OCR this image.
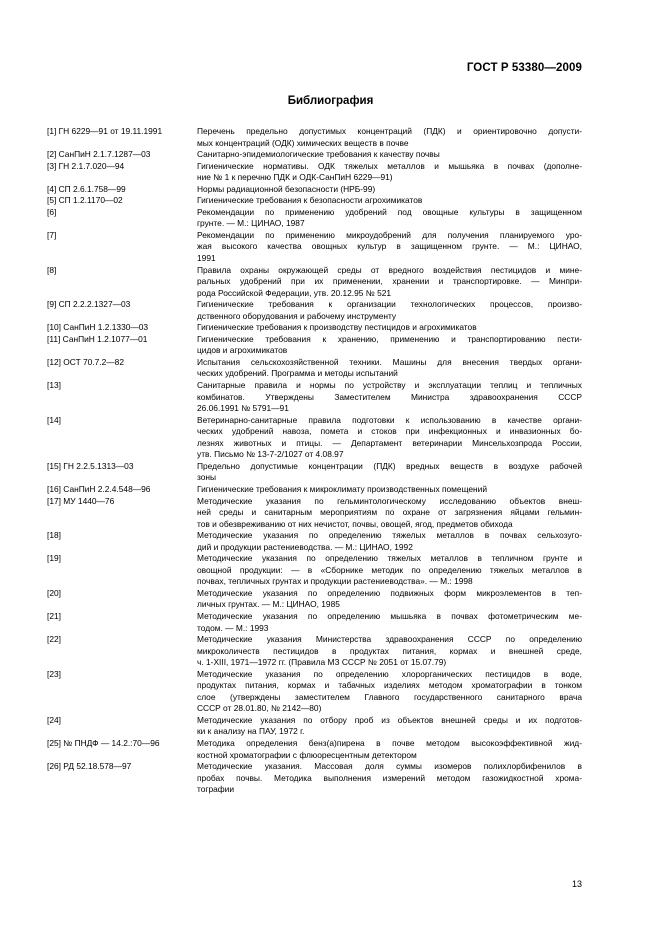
ГОСТ Р 53380—2009
Библиография
[1] ГН 6229—91 от 19.11.1991	Перечень предельно допустимых концентраций (ПДК) и ориентировочно допусти-
мых концентраций (ОДК) химических веществ в почве
[2] СанПиН 2.1.7.1287—03	Санитарно-эпидемиологические требования к качеству почвы
[3] ГН 2.1.7.020—94	Гигиенические нормативы. ОДК тяжелых металлов и мышьяка в почвах (дополне-
ние № 1 к перечню ПДК и ОДК-СанПиН 6229—91)
[4] СП 2.6.1.758—99	Нормы радиационной безопасности (НРБ-99)
[5] СП 1.2.1170—02	Гигиенические требования к безопасности агрохимикатов
[6]	Рекомендации по применению удобрений под овощные культуры в защищенном
грунте. — М.: ЦИНАО, 1987
[7]	Рекомендации по применению микроудобрений для получения планируемого уро-
жая высокого качества овощных культур в защищенном грунте. — М.: ЦИНАО,
1991
[8]	Правила охраны окружающей среды от вредного воздействия пестицидов и мине-
ральных удобрений при их применении, хранении и транспортировке. — Минпри-
рода Российской Федерации, утв. 20.12.95 № 521
[9] СП 2.2.2.1327—03	Гигиенические требования к организации технологических процессов, произво-
дственного оборудования и рабочему инструменту
[10] СанПиН 1.2.1330—03	Гигиенические требования к производству пестицидов и агрохимикатов
[11] СанПиН 1.2.1077—01	Гигиенические требования к хранению, применению и транспортированию пести-
цидов и агрохимикатов
[12] ОСТ 70.7.2—82	Испытания сельскохозяйственной техники. Машины для внесения твердых органи-
ческих удобрений. Программа и методы испытаний
[13]	Санитарные правила и нормы по устройству и эксплуатации теплиц и тепличных
комбинатов. Утверждены Заместителем Министра здравоохранения СССР
26.06.1991 № 5791—91
[14]	Ветеринарно-санитарные правила подготовки к использованию в качестве органи-
ческих удобрений навоза, помета и стоков при инфекционных и инвазионных бо-
лезнях животных и птицы. — Департамент ветеринарии Минсельхозпрода России,
утв. Письмо № 13-7-2/1027 от 4.08.97
[15] ГН 2.2.5.1313—03	Предельно допустимые концентрации (ПДК) вредных веществ в воздухе рабочей
зоны
[16] СанПиН 2.2.4.548—96	Гигиенические требования к микроклимату производственных помещений
[17] МУ 1440—76	Методические указания по гельминтологическому исследованию объектов внеш-
ней среды и санитарным мероприятиям по охране от загрязнения яйцами гельмин-
тов и обезвреживанию от них нечистот, почвы, овощей, ягод, предметов обихода
[18]	Методические указания по определению тяжелых металлов в почвах сельхозуго-
дий и продукции растениеводства. — М.: ЦИНАО, 1992
[19]	Методические указания по определению тяжелых металлов в тепличном грунте и
овощной продукции: — в «Сборнике методик по определению тяжелых металлов в
почвах, тепличных грунтах и продукции растениеводства». — М.: 1998
[20]	Методические указания по определению подвижных форм микроэлементов в теп-
личных грунтах. — М.: ЦИНАО, 1985
[21]	Методические указания по определению мышьяка в почвах фотометрическим ме-
тодом. — М.: 1993
[22]	Методические указания Министерства здравоохранения СССР по определению
микроколичеств пестицидов в продуктах питания, кормах и внешней среде,
ч. 1-XIII, 1971—1972 гг. (Правила МЗ СССР № 2051 от 15.07.79)
[23]	Методические указания по определению хлорорганических пестицидов в воде,
продуктах питания, кормах и табачных изделиях методом хроматографии в тонком
слое (утверждены заместителем Главного государственного санитарного врача
СССР от 28.01.80, № 2142—80)
[24]	Методические указания по отбору проб из объектов внешней среды и их подготов-
ки к анализу на ПАУ, 1972 г.
[25] № ПНДФ — 14.2.:70—96	Методика определения бенз(а)пирена в почве методом высокоэффективной жид-
костной хроматографии с флюоресцентным детектором
[26] РД 52.18.578—97	Методические указания. Массовая доля суммы изомеров полихлорбифенилов в
пробах почвы. Методика выполнения измерений методом газожидкостной хрома-
тографии
13
